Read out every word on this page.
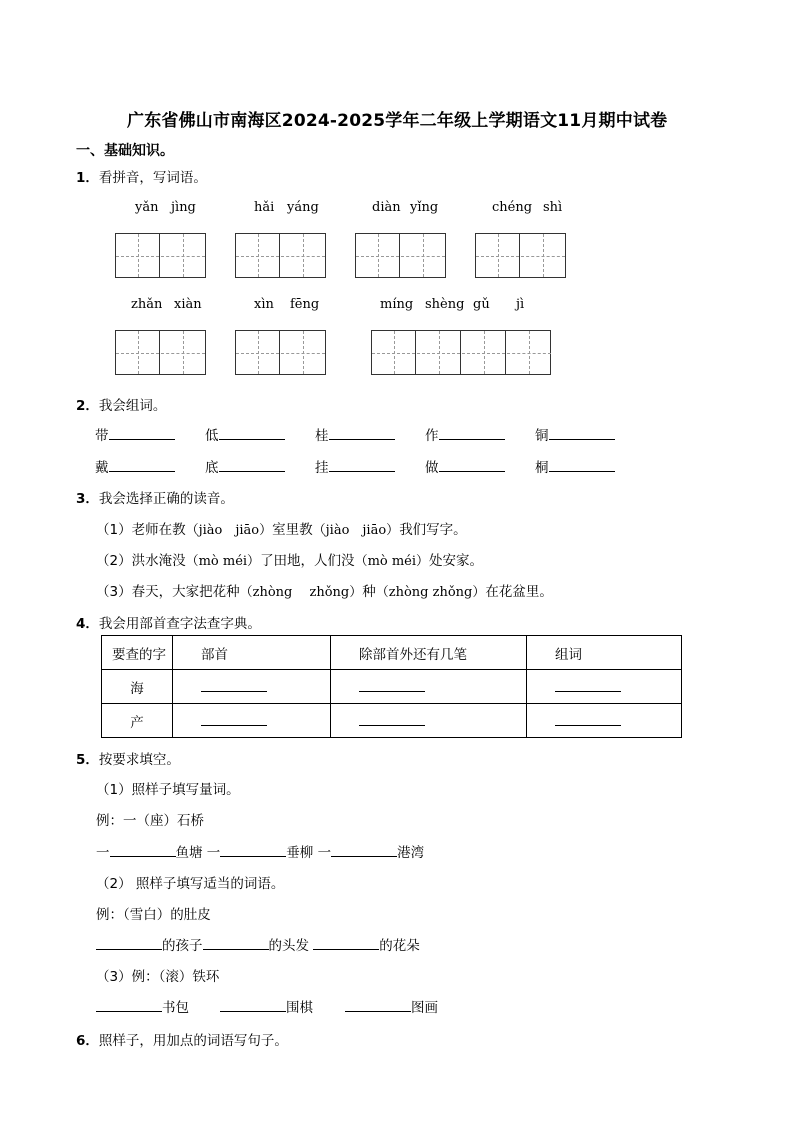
广东省佛山市南海区2024-2025学年二年级上学期语文11月期中试卷
一、基础知识。
1．看拼音，写词语。
yǎn jìng	hǎi yáng	diàn yǐng	chéng shì
zhǎn xiàn	xìn fēng	míng shèng gǔ jì
2．我会组词。
带	低	桂	作	铜
戴	底	挂	做	桐
3．我会选择正确的读音。
（1）老师在教（jiào　jiāo）室里教（jiào　jiāo）我们写字。
（2）洪水淹没（mò méi）了田地，人们没（mò méi）处安家。
（3）春天，大家把花种（zhòng　 zhǒng）种（zhòng zhǒng）在花盆里。
4．我会用部首查字法查字典。
要查的字	部首	除部首外还有几笔	组词
海			
产			
5．按要求填空。
（1）照样子填写量词。
例：一（座）石桥
一	鱼塘 一	垂柳 一	港湾
（2） 照样子填写适当的词语。
例：（雪白）的肚皮
的孩子	的头发	的花朵
（3）例：（滚）铁环
书包	围棋	图画
6．照样子，用加点的词语写句子。
